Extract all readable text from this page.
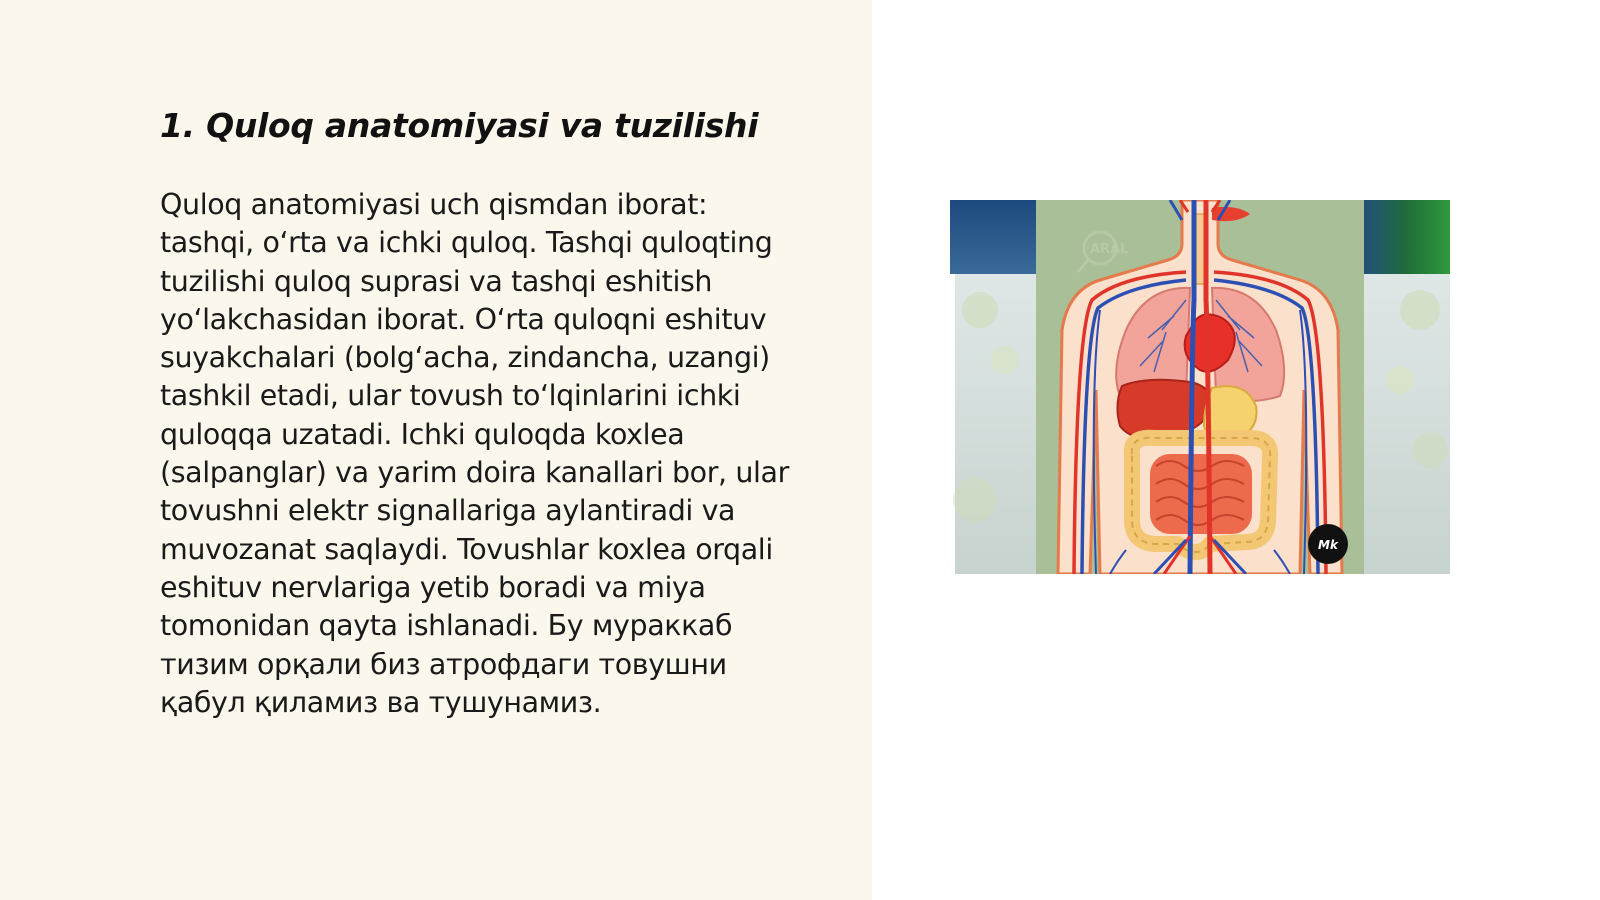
1. Quloq anatomiyasi va tuzilishi

Quloq anatomiyasi uch qismdan iborat:
tashqi, o‘rta va ichki quloq. Tashqi quloqting
tuzilishi quloq suprasi va tashqi eshitish
yo‘lakchasidan iborat. O‘rta quloqni eshituv
suyakchalari (bolg‘acha, zindancha, uzangi)
tashkil etadi, ular tovush to‘lqinlarini ichki
quloqqa uzatadi. Ichki quloqda koxlea
(salpanglar) va yarim doira kanallari bor, ular
tovushni elektr signallariga aylantiradi va
muvozanat saqlaydi. Tovushlar koxlea orqali
eshituv nervlariga yetib boradi va miya
tomonidan qayta ishlanadi. Бу мураккаб
тизим орқали биз атрофдаги товушни
қабул қиламиз ва тушунамиз.

ARAL
Mk
